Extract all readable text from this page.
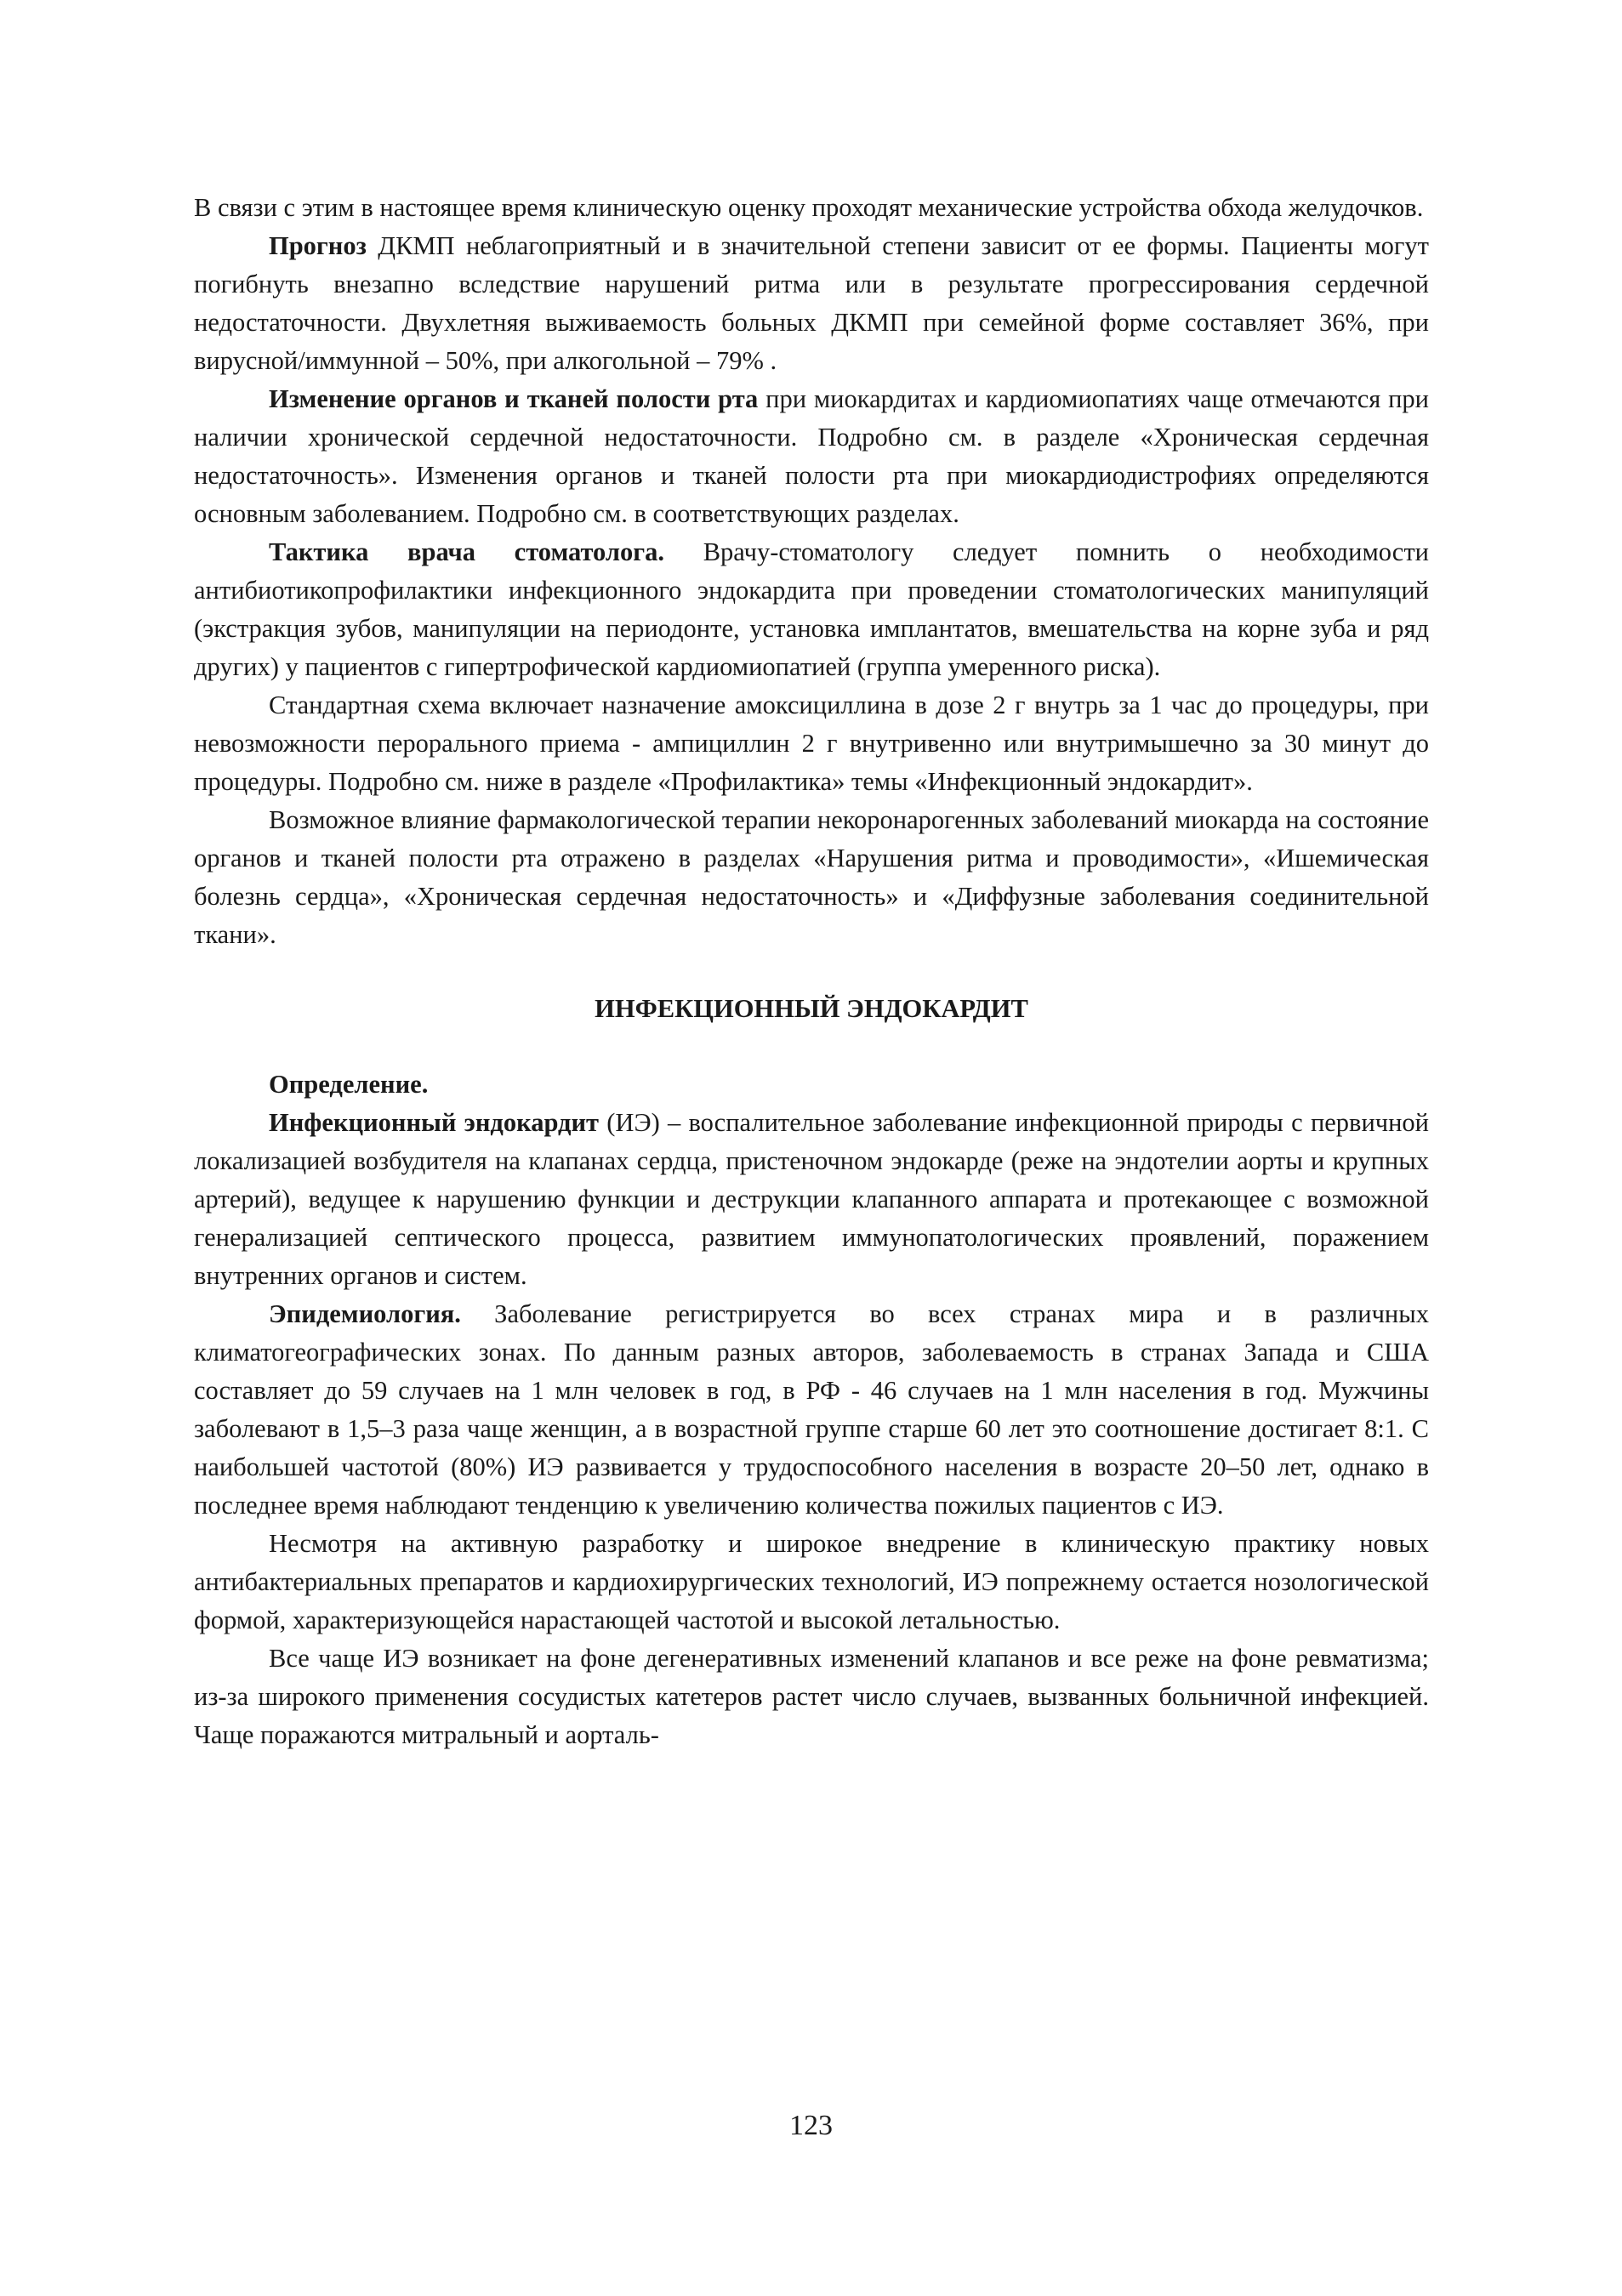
В связи с этим в настоящее время клиническую оценку проходят механические устройства обхода желудочков.

Прогноз ДКМП неблагоприятный и в значительной степени зависит от ее формы. Пациенты могут погибнуть внезапно вследствие нарушений ритма или в результате прогрессирования сердечной недостаточности. Двухлетняя выживаемость больных ДКМП при семейной форме составляет 36%, при вирусной/иммунной – 50%, при алкогольной – 79% .

Изменение органов и тканей полости рта при миокардитах и кардиомиопатиях чаще отмечаются при наличии хронической сердечной недостаточности. Подробно см. в разделе «Хроническая сердечная недостаточность». Изменения органов и тканей полости рта при миокардиодистрофиях определяются основным заболеванием. Подробно см. в соответствующих разделах.

Тактика врача стоматолога. Врачу-стоматологу следует помнить о необходимости антибиотикопрофилактики инфекционного эндокардита при проведении стоматологических манипуляций (экстракция зубов, манипуляции на периодонте, установка имплантатов, вмешательства на корне зуба и ряд других) у пациентов с гипертрофической кардиомиопатией (группа умеренного риска).

Стандартная схема включает назначение амоксициллина в дозе 2 г внутрь за 1 час до процедуры, при невозможности перорального приема - ампициллин 2 г внутривенно или внутримышечно за 30 минут до процедуры. Подробно см. ниже в разделе «Профилактика» темы «Инфекционный эндокардит».

Возможное влияние фармакологической терапии некоронарогенных заболеваний миокарда на состояние органов и тканей полости рта отражено в разделах «Нарушения ритма и проводимости», «Ишемическая болезнь сердца», «Хроническая сердечная недостаточность» и «Диффузные заболевания соединительной ткани».

ИНФЕКЦИОННЫЙ ЭНДОКАРДИТ

Определение.

Инфекционный эндокардит (ИЭ) – воспалительное заболевание инфекционной природы с первичной локализацией возбудителя на клапанах сердца, пристеночном эндокарде (реже на эндотелии аорты и крупных артерий), ведущее к нарушению функции и деструкции клапанного аппарата и протекающее с возможной генерализацией септического процесса, развитием иммунопатологических проявлений, поражением внутренних органов и систем.

Эпидемиология. Заболевание регистрируется во всех странах мира и в различных климатогеографических зонах. По данным разных авторов, заболеваемость в странах Запада и США составляет до 59 случаев на 1 млн человек в год, в РФ - 46 случаев на 1 млн населения в год. Мужчины заболевают в 1,5–3 раза чаще женщин, а в возрастной группе старше 60 лет это соотношение достигает 8:1. С наибольшей частотой (80%) ИЭ развивается у трудоспособного населения в возрасте 20–50 лет, однако в последнее время наблюдают тенденцию к увеличению количества пожилых пациентов с ИЭ.

Несмотря на активную разработку и широкое внедрение в клиническую практику новых антибактериальных препаратов и кардиохирургических технологий, ИЭ попрежнему остается нозологической формой, характеризующейся нарастающей частотой и высокой летальностью.

Все чаще ИЭ возникает на фоне дегенеративных изменений клапанов и все реже на фоне ревматизма; из-за широкого применения сосудистых катетеров растет число случаев, вызванных больничной инфекцией. Чаще поражаются митральный и аорталь-

123
